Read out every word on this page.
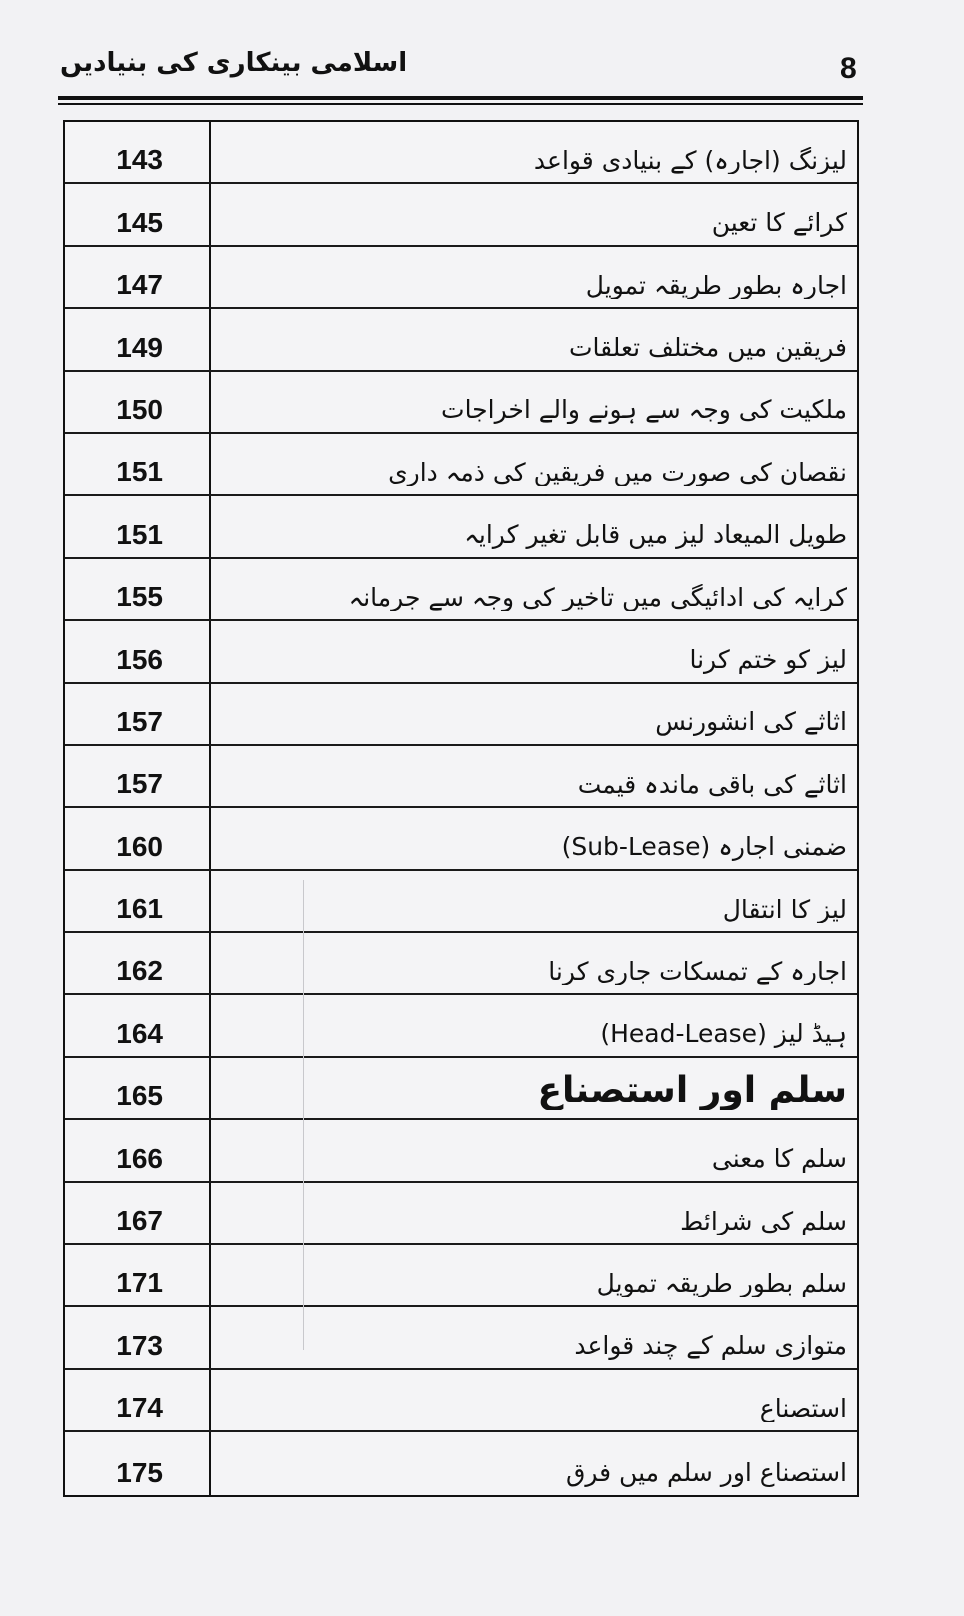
اسلامی بینکاری کی بنیادیں	8
143	لیزنگ (اجارہ) کے بنیادی قواعد
145	کرائے کا تعین
147	اجارہ بطور طریقہ تمویل
149	فریقین میں مختلف تعلقات
150	ملکیت کی وجہ سے ہونے والے اخراجات
151	نقصان کی صورت میں فریقین کی ذمہ داری
151	طویل المیعاد لیز میں قابل تغیر کرایہ
155	کرایہ کی ادائیگی میں تاخیر کی وجہ سے جرمانہ
156	لیز کو ختم کرنا
157	اثاثے کی انشورنس
157	اثاثے کی باقی ماندہ قیمت
160	ضمنی اجارہ (Sub-Lease)
161	لیز کا انتقال
162	اجارہ کے تمسکات جاری کرنا
164	ہیڈ لیز (Head-Lease)
165	سلم اور استصناع
166	سلم کا معنی
167	سلم کی شرائط
171	سلم بطور طریقہ تمویل
173	متوازی سلم کے چند قواعد
174	استصناع
175	استصناع اور سلم میں فرق
